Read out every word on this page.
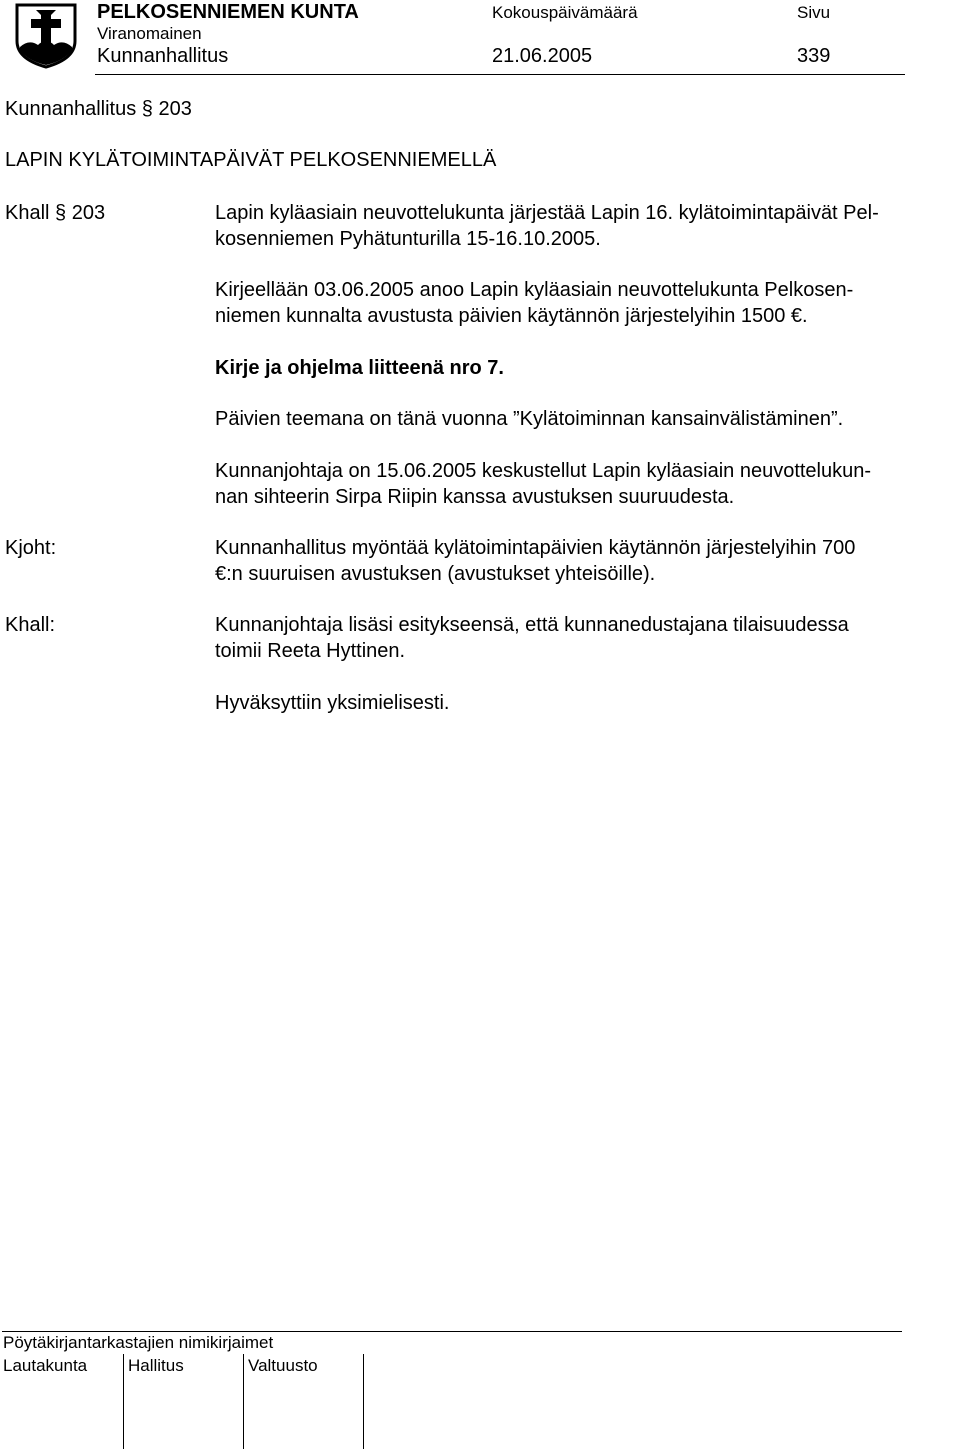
PELKOSENNIEMEN KUNTA
Viranomainen
Kunnanhallitus
Kokouspäivämäärä
21.06.2005
Sivu
339
Kunnanhallitus § 203
LAPIN KYLÄTOIMINTAPÄIVÄT PELKOSENNIEMELLÄ
Khall § 203	Lapin kyläasiain neuvottelukunta järjestää Lapin 16. kylätoimintapäivät Pel-
kosenniemen Pyhätunturilla 15-16.10.2005.
Kirjeellään 03.06.2005 anoo Lapin kyläasiain neuvottelukunta Pelkosen-
niemen kunnalta avustusta päivien käytännön järjestelyihin 1500 €.
Kirje ja ohjelma liitteenä nro 7.
Päivien teemana on tänä vuonna ”Kylätoiminnan kansainvälistäminen”.
Kunnanjohtaja on 15.06.2005 keskustellut Lapin kyläasiain neuvottelukun-
nan sihteerin Sirpa Riipin kanssa avustuksen suuruudesta.
Kjoht:	Kunnanhallitus myöntää kylätoimintapäivien käytännön järjestelyihin 700
€:n suuruisen avustuksen (avustukset yhteisöille).
Khall:	Kunnanjohtaja lisäsi esitykseensä, että kunnanedustajana tilaisuudessa
toimii Reeta Hyttinen.
Hyväksyttiin yksimielisesti.
Pöytäkirjantarkastajien nimikirjaimet
Lautakunta Hallitus	Valtuusto
